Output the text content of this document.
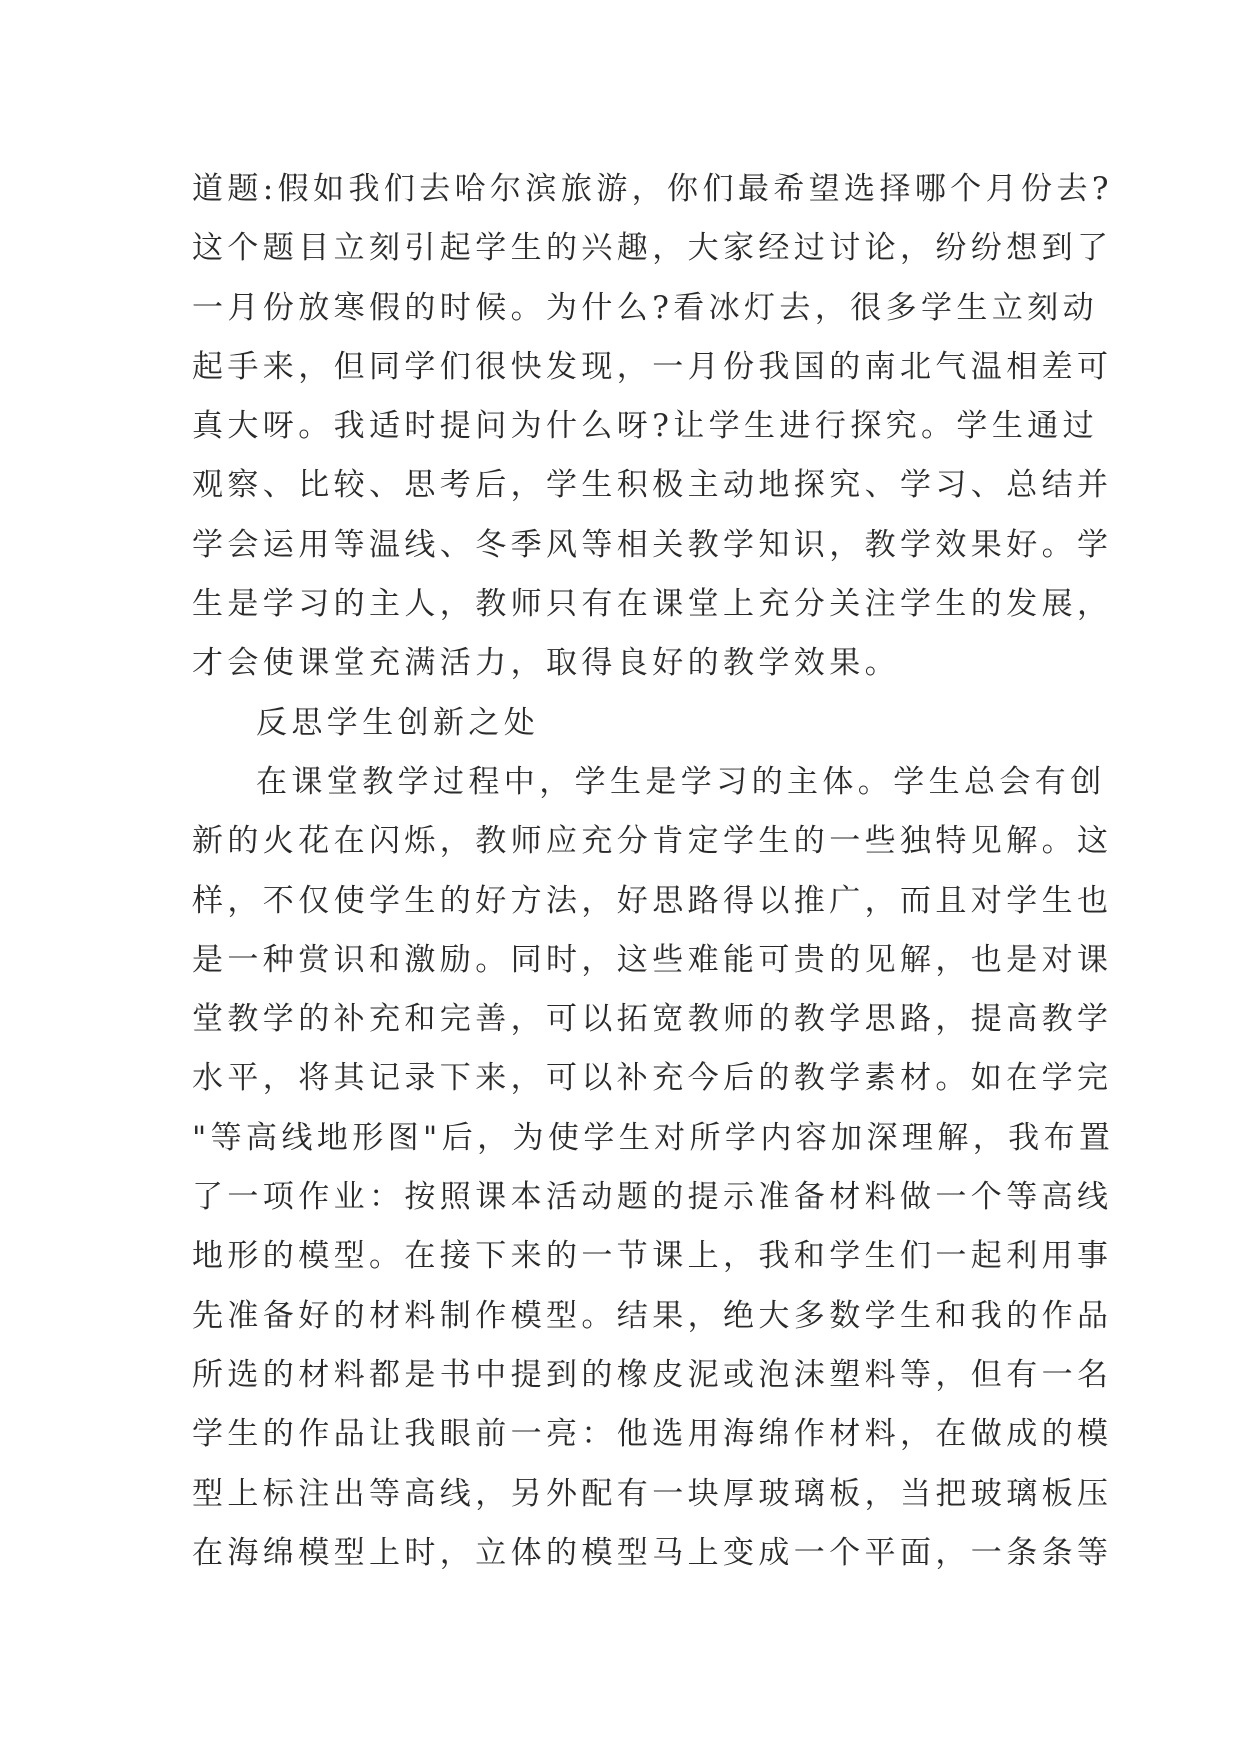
道题:假如我们去哈尔滨旅游，你们最希望选择哪个月份去?
这个题目立刻引起学生的兴趣，大家经过讨论，纷纷想到了
一月份放寒假的时候。为什么?看冰灯去，很多学生立刻动
起手来，但同学们很快发现，一月份我国的南北气温相差可
真大呀。我适时提问为什么呀?让学生进行探究。学生通过
观察、比较、思考后，学生积极主动地探究、学习、总结并
学会运用等温线、冬季风等相关教学知识，教学效果好。学
生是学习的主人，教师只有在课堂上充分关注学生的发展，
才会使课堂充满活力，取得良好的教学效果。
反思学生创新之处
在课堂教学过程中，学生是学习的主体。学生总会有创
新的火花在闪烁，教师应充分肯定学生的一些独特见解。这
样，不仅使学生的好方法，好思路得以推广，而且对学生也
是一种赏识和激励。同时，这些难能可贵的见解，也是对课
堂教学的补充和完善，可以拓宽教师的教学思路，提高教学
水平，将其记录下来，可以补充今后的教学素材。如在学完
"等高线地形图"后，为使学生对所学内容加深理解，我布置
了一项作业：按照课本活动题的提示准备材料做一个等高线
地形的模型。在接下来的一节课上，我和学生们一起利用事
先准备好的材料制作模型。结果，绝大多数学生和我的作品
所选的材料都是书中提到的橡皮泥或泡沫塑料等，但有一名
学生的作品让我眼前一亮：他选用海绵作材料，在做成的模
型上标注出等高线，另外配有一块厚玻璃板，当把玻璃板压
在海绵模型上时，立体的模型马上变成一个平面，一条条等
